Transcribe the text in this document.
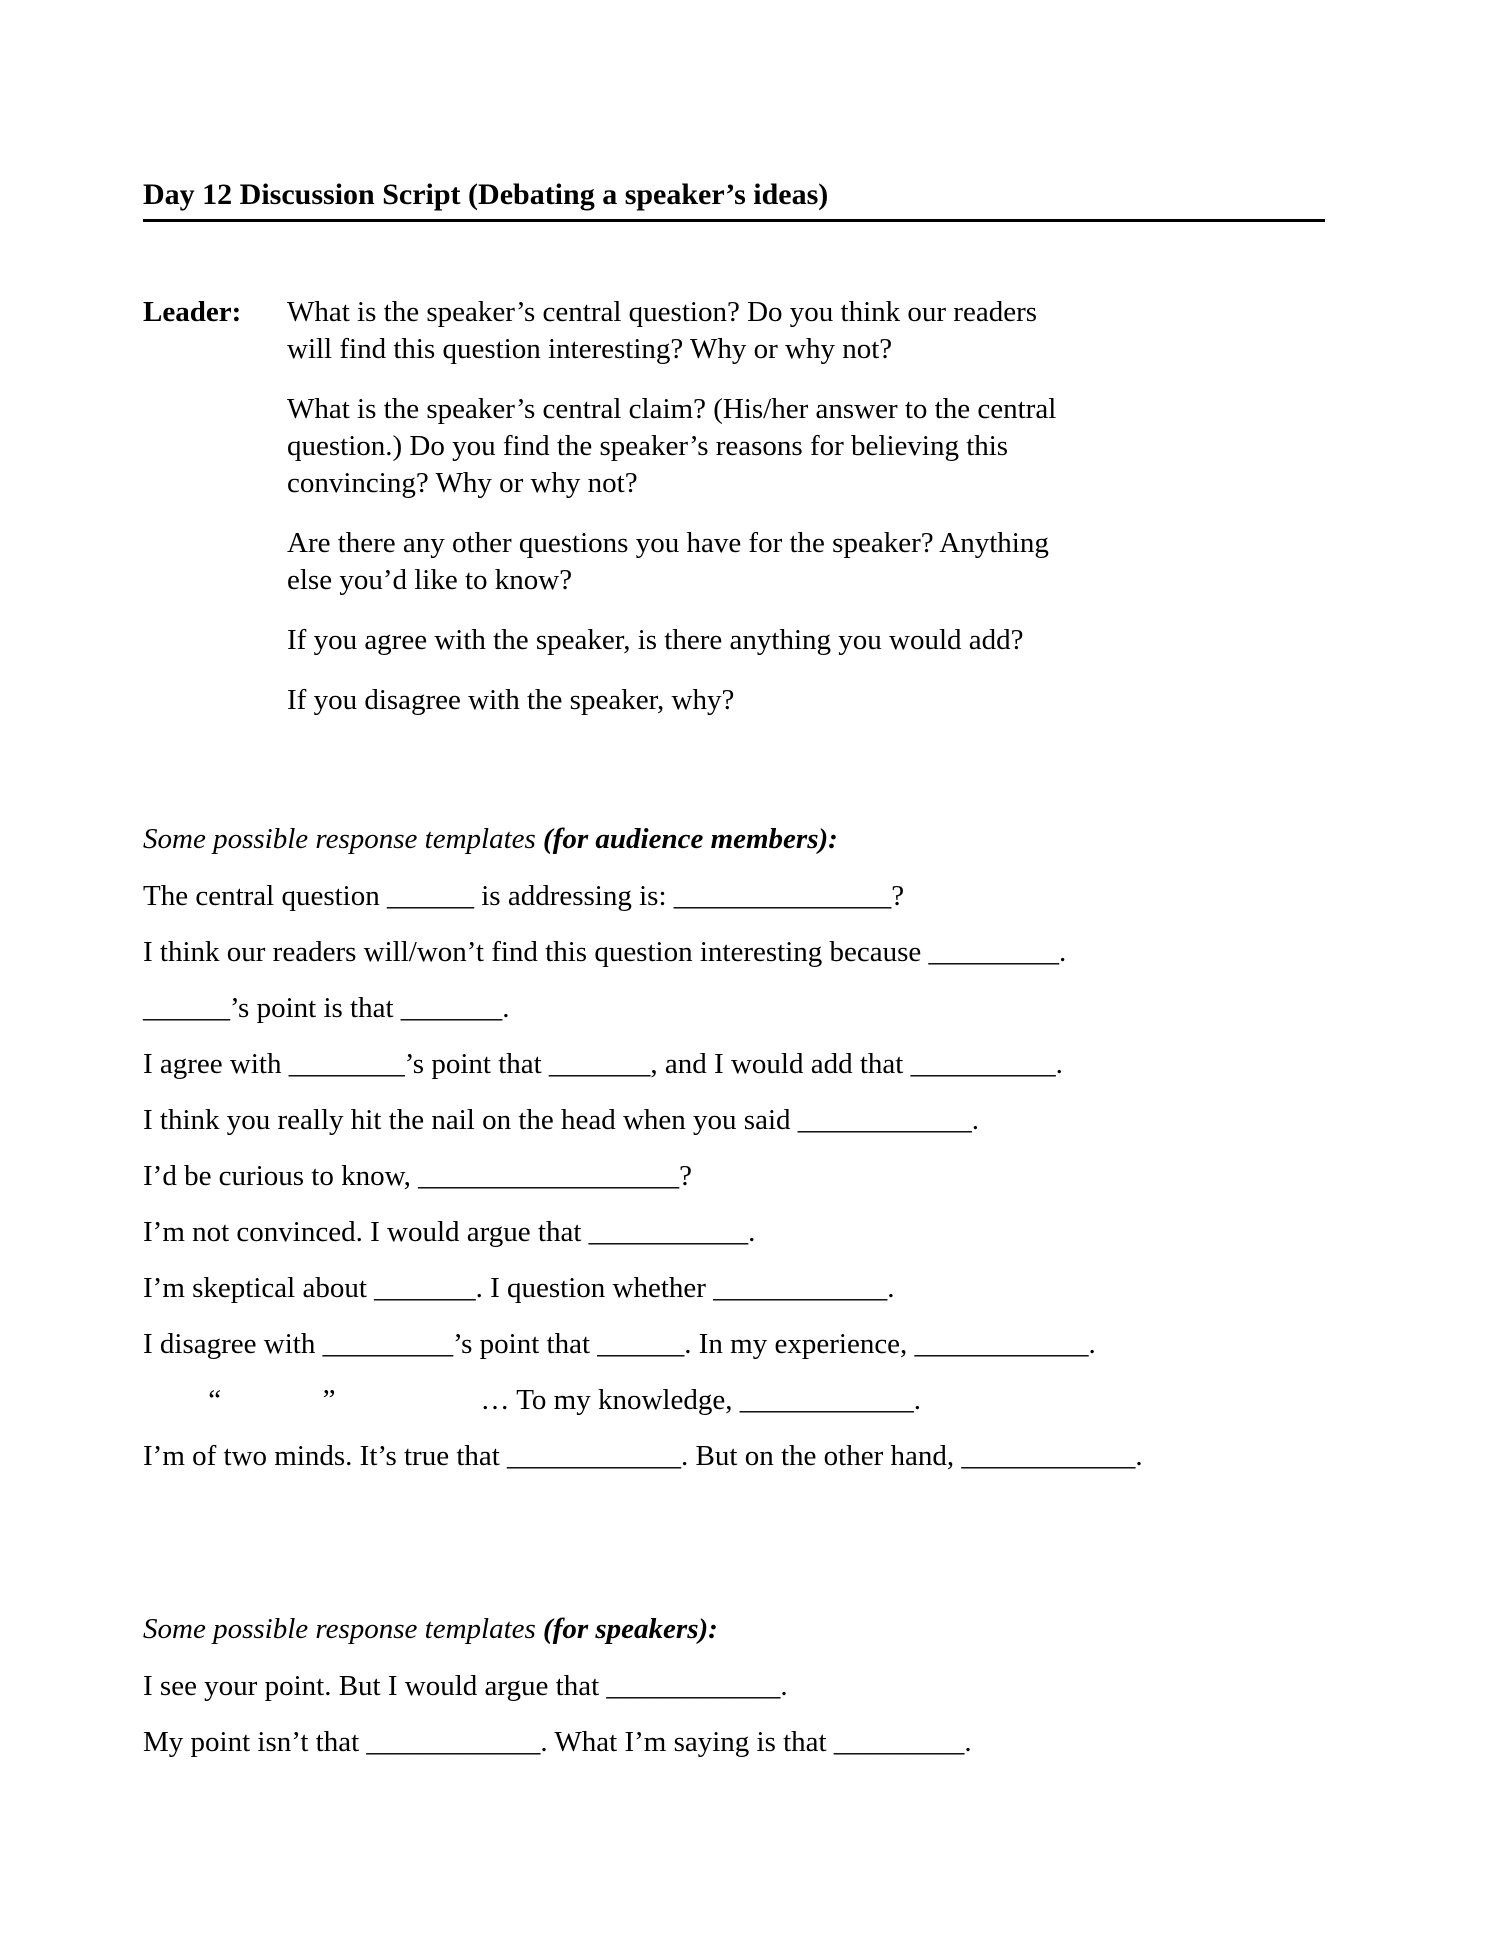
Day 12 Discussion Script (Debating a speaker’s ideas)
Leader:	What is the speaker’s central question? Do you think our readers will find this question interesting? Why or why not?

What is the speaker’s central claim? (His/her answer to the central question.) Do you find the speaker’s reasons for believing this convincing? Why or why not?

Are there any other questions you have for the speaker? Anything else you’d like to know?

If you agree with the speaker, is there anything you would add?

If you disagree with the speaker, why?

Some possible response templates (for audience members):

The central question ______ is addressing is: _______________?

I think our readers will/won’t find this question interesting because _________.

______’s point is that _______.

I agree with ________’s point that _______, and I would add that __________.

I think you really hit the nail on the head when you said ____________.

I’d be curious to know, __________________?

I’m not convinced. I would argue that ___________.

I’m skeptical about _______. I question whether ____________.

I disagree with _________’s point that ______. In my experience, ____________.

“              ”                    … To my knowledge, ____________.

I’m of two minds. It’s true that ____________. But on the other hand, ____________.

Some possible response templates (for speakers):

I see your point. But I would argue that ____________.

My point isn’t that ____________. What I’m saying is that _________.
